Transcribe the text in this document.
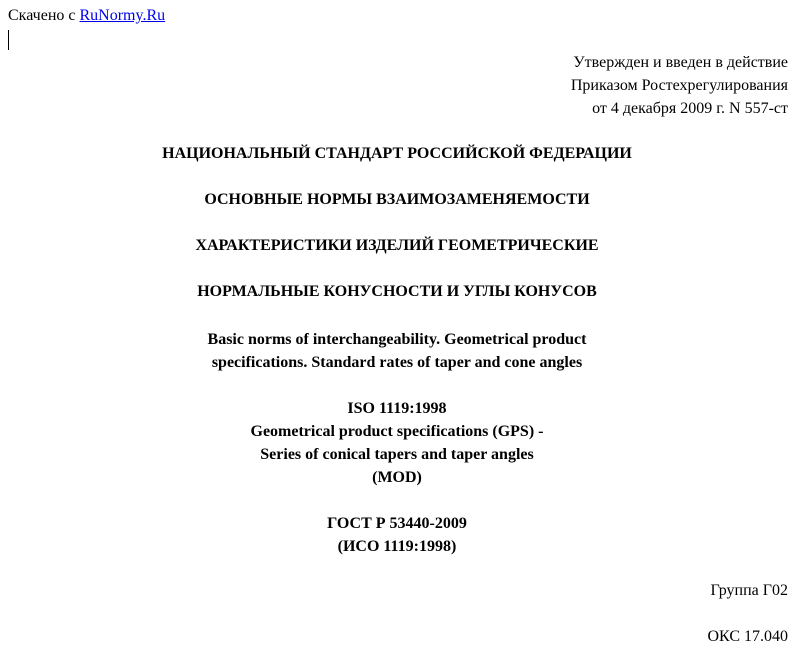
Скачено с RuNormy.Ru
Утвержден и введен в действие
Приказом Ростехрегулирования
от 4 декабря 2009 г. N 557-ст
НАЦИОНАЛЬНЫЙ СТАНДАРТ РОССИЙСКОЙ ФЕДЕРАЦИИ
ОСНОВНЫЕ НОРМЫ ВЗАИМОЗАМЕНЯЕМОСТИ
ХАРАКТЕРИСТИКИ ИЗДЕЛИЙ ГЕОМЕТРИЧЕСКИЕ
НОРМАЛЬНЫЕ КОНУСНОСТИ И УГЛЫ КОНУСОВ
Basic norms of interchangeability. Geometrical product
specifications. Standard rates of taper and cone angles
ISO 1119:1998
Geometrical product specifications (GPS) -
Series of conical tapers and taper angles
(MOD)
ГОСТ Р 53440-2009
(ИСО 1119:1998)
Группа Г02
ОКС 17.040
